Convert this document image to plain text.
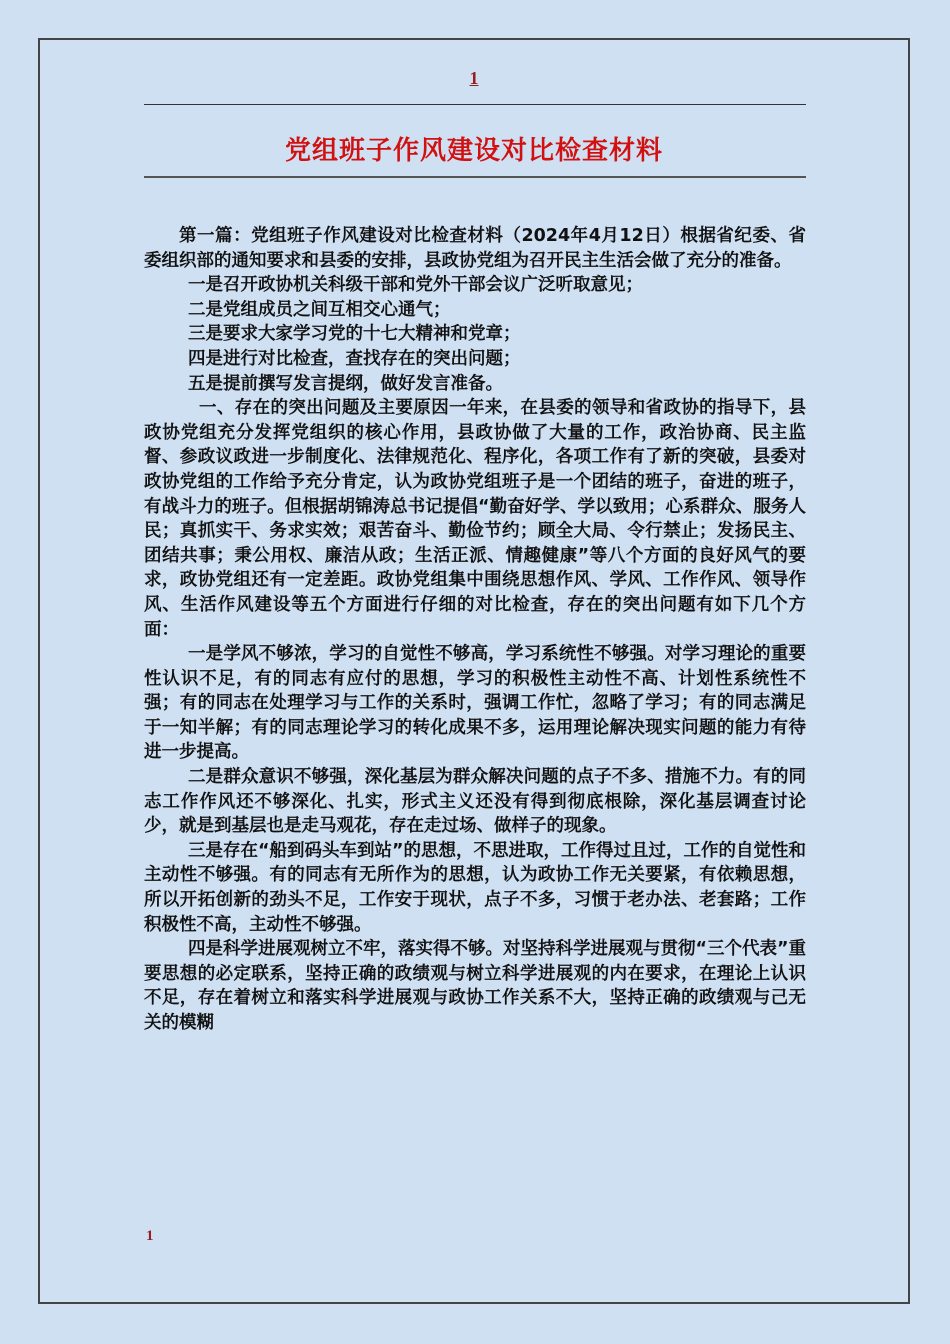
1
党组班子作风建设对比检查材料

第一篇：党组班子作风建设对比检查材料（2024年4月12日）根据省纪委、省委组织部的通知要求和县委的安排，县政协党组为召开民主生活会做了充分的准备。

一是召开政协机关科级干部和党外干部会议广泛听取意见；

二是党组成员之间互相交心通气；

三是要求大家学习党的十七大精神和党章；

四是进行对比检查，查找存在的突出问题；

五是提前撰写发言提纲，做好发言准备。

一、存在的突出问题及主要原因一年来，在县委的领导和省政协的指导下，县政协党组充分发挥党组织的核心作用，县政协做了大量的工作，政治协商、民主监督、参政议政进一步制度化、法律规范化、程序化，各项工作有了新的突破，县委对政协党组的工作给予充分肯定，认为政协党组班子是一个团结的班子，奋进的班子，有战斗力的班子。但根据胡锦涛总书记提倡“勤奋好学、学以致用；心系群众、服务人民；真抓实干、务求实效；艰苦奋斗、勤俭节约；顾全大局、令行禁止；发扬民主、团结共事；秉公用权、廉洁从政；生活正派、情趣健康”等八个方面的良好风气的要求，政协党组还有一定差距。政协党组集中围绕思想作风、学风、工作作风、领导作风、生活作风建设等五个方面进行仔细的对比检查，存在的突出问题有如下几个方面：

一是学风不够浓，学习的自觉性不够高，学习系统性不够强。对学习理论的重要性认识不足，有的同志有应付的思想，学习的积极性主动性不高、计划性系统性不强；有的同志在处理学习与工作的关系时，强调工作忙，忽略了学习；有的同志满足于一知半解；有的同志理论学习的转化成果不多，运用理论解决现实问题的能力有待进一步提高。

二是群众意识不够强，深化基层为群众解决问题的点子不多、措施不力。有的同志工作作风还不够深化、扎实，形式主义还没有得到彻底根除，深化基层调查讨论少，就是到基层也是走马观花，存在走过场、做样子的现象。

三是存在“船到码头车到站”的思想，不思进取，工作得过且过，工作的自觉性和主动性不够强。有的同志有无所作为的思想，认为政协工作无关要紧，有依赖思想，所以开拓创新的劲头不足，工作安于现状，点子不多，习惯于老办法、老套路；工作积极性不高，主动性不够强。

四是科学进展观树立不牢，落实得不够。对坚持科学进展观与贯彻“三个代表”重要思想的必定联系，坚持正确的政绩观与树立科学进展观的内在要求，在理论上认识不足，存在着树立和落实科学进展观与政协工作关系不大，坚持正确的政绩观与己无关的模糊

1
